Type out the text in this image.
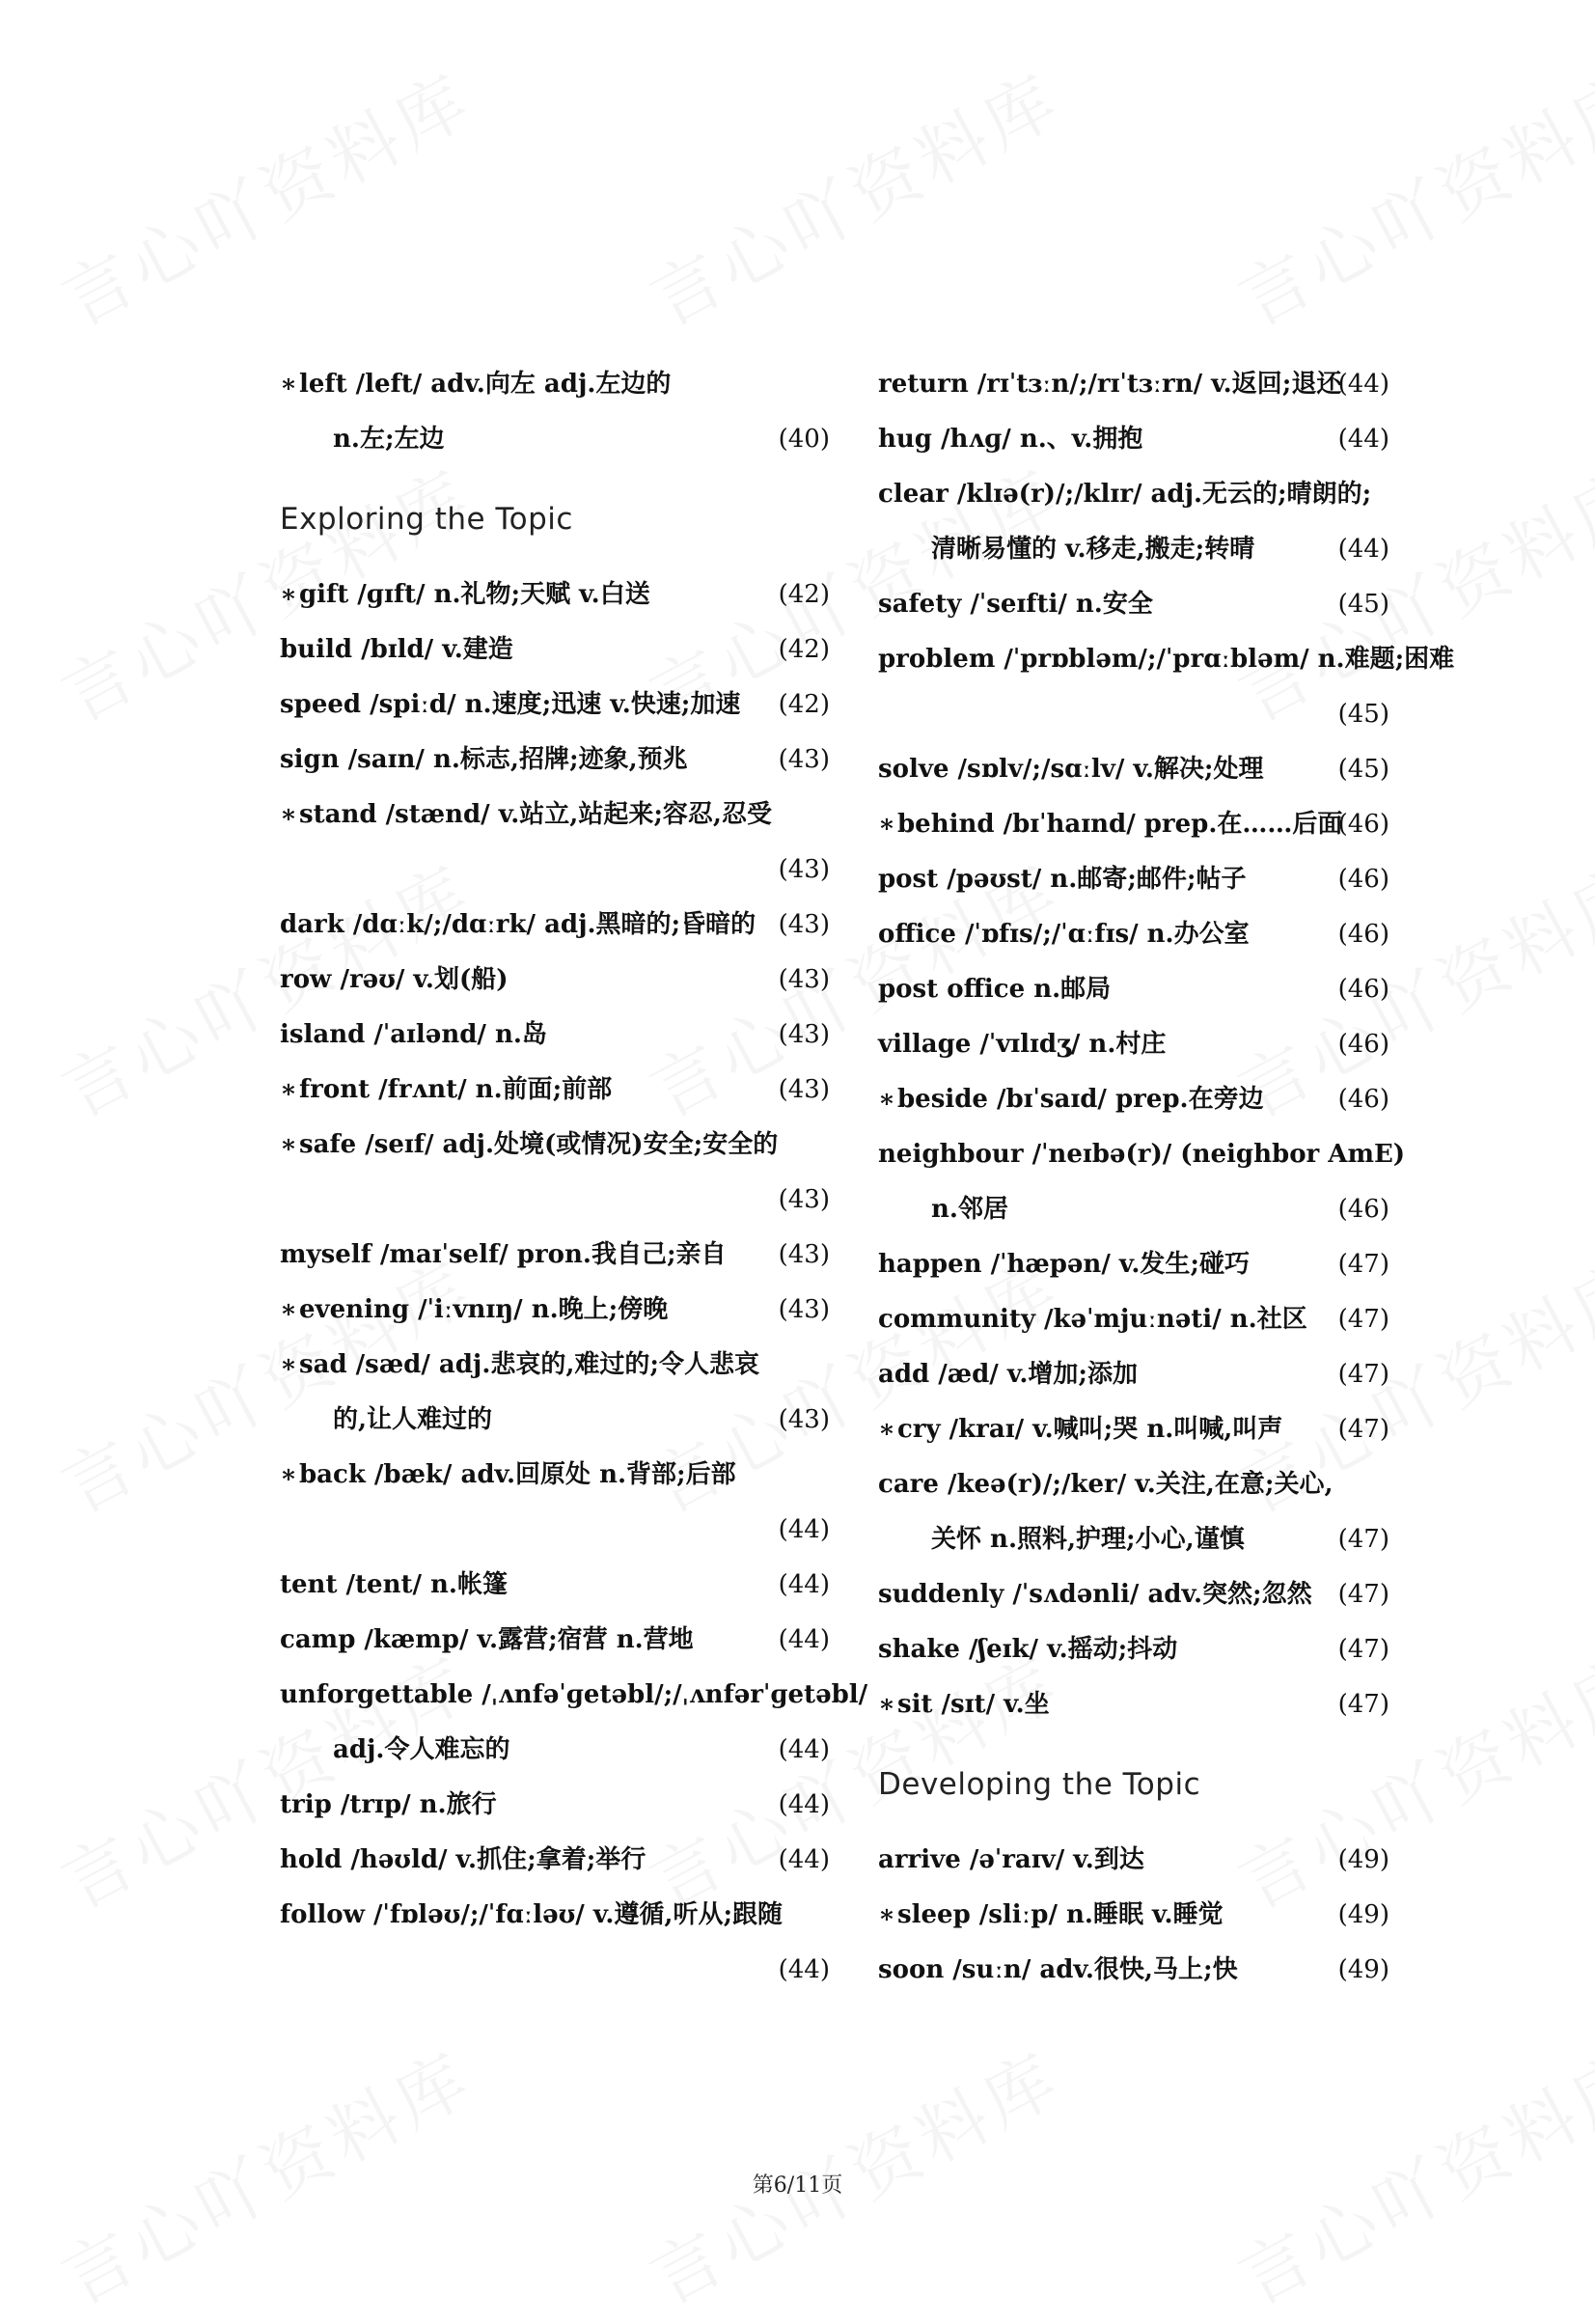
∗left /left/ adv.向左 adj.左边的
n.左;左边	(40)
Exploring the Topic
∗gift /ɡɪft/ n.礼物;天赋 v.白送	(42)
build /bɪld/ v.建造	(42)
speed /spiːd/ n.速度;迅速 v.快速;加速 (42)
sign /saɪn/ n.标志,招牌;迹象,预兆	(43)
∗stand /stænd/ v.站立,站起来;容忍,忍受
(43)
dark /dɑːk/;/dɑːrk/ adj.黑暗的;昏暗的 (43)
row /rəʊ/ v.划(船)	(43)
island /ˈaɪlənd/ n.岛	(43)
∗front /frʌnt/ n.前面;前部	(43)
∗safe /seɪf/ adj.处境(或情况)安全;安全的
(43)
myself /maɪˈself/ pron.我自己;亲自 (43)
∗evening /ˈiːvnɪŋ/ n.晚上;傍晚	(43)
∗sad /sæd/ adj.悲哀的,难过的;令人悲哀
的,让人难过的	(43)
∗back /bæk/ adv.回原处 n.背部;后部
(44)
tent /tent/ n.帐篷	(44)
camp /kæmp/ v.露营;宿营 n.营地	(44)
unforgettable /ˌʌnfəˈɡetəbl/;/ˌʌnfərˈɡetəbl/
adj.令人难忘的	(44)
trip /trɪp/ n.旅行	(44)
hold /həʊld/ v.抓住;拿着;举行	(44)
follow /ˈfɒləʊ/;/ˈfɑːləʊ/ v.遵循,听从;跟随
(44)
return /rɪˈtɜːn/;/rɪˈtɜːrn/ v.返回;退还
(44)
hug /hʌɡ/ n.、v.拥抱	(44)
clear /klɪə(r)/;/klɪr/ adj.无云的;晴朗的;
清晰易懂的 v.移走,搬走;转晴	(44)
safety /ˈseɪfti/ n.安全	(45)
problem /ˈprɒbləm/;/ˈprɑːbləm/ n.难题;困难
(45)
solve /sɒlv/;/sɑːlv/ v.解决;处理	(45)
∗behind /bɪˈhaɪnd/ prep.在……后面
(46)
post /pəʊst/ n.邮寄;邮件;帖子	(46)
office /ˈɒfɪs/;/ˈɑːfɪs/ n.办公室	(46)
post office n.邮局	(46)
village /ˈvɪlɪdʒ/ n.村庄	(46)
∗beside /bɪˈsaɪd/ prep.在旁边	(46)
neighbour /ˈneɪbə(r)/ (neighbor AmE)
n.邻居	(46)
happen /ˈhæpən/ v.发生;碰巧	(47)
community /kəˈmjuːnəti/ n.社区 (47)
add /æd/ v.增加;添加	(47)
∗cry /kraɪ/ v.喊叫;哭 n.叫喊,叫声 (47)
care /keə(r)/;/ker/ v.关注,在意;关心,
关怀 n.照料,护理;小心,谨慎	(47)
suddenly /ˈsʌdənli/ adv.突然;忽然 (47)
shake /ʃeɪk/ v.摇动;抖动	(47)
∗sit /sɪt/ v.坐	(47)
Developing the Topic
arrive /əˈraɪv/ v.到达	(49)
∗sleep /sliːp/ n.睡眠 v.睡觉	(49)
soon /suːn/ adv.很快,马上;快	(49)
第6/11页
